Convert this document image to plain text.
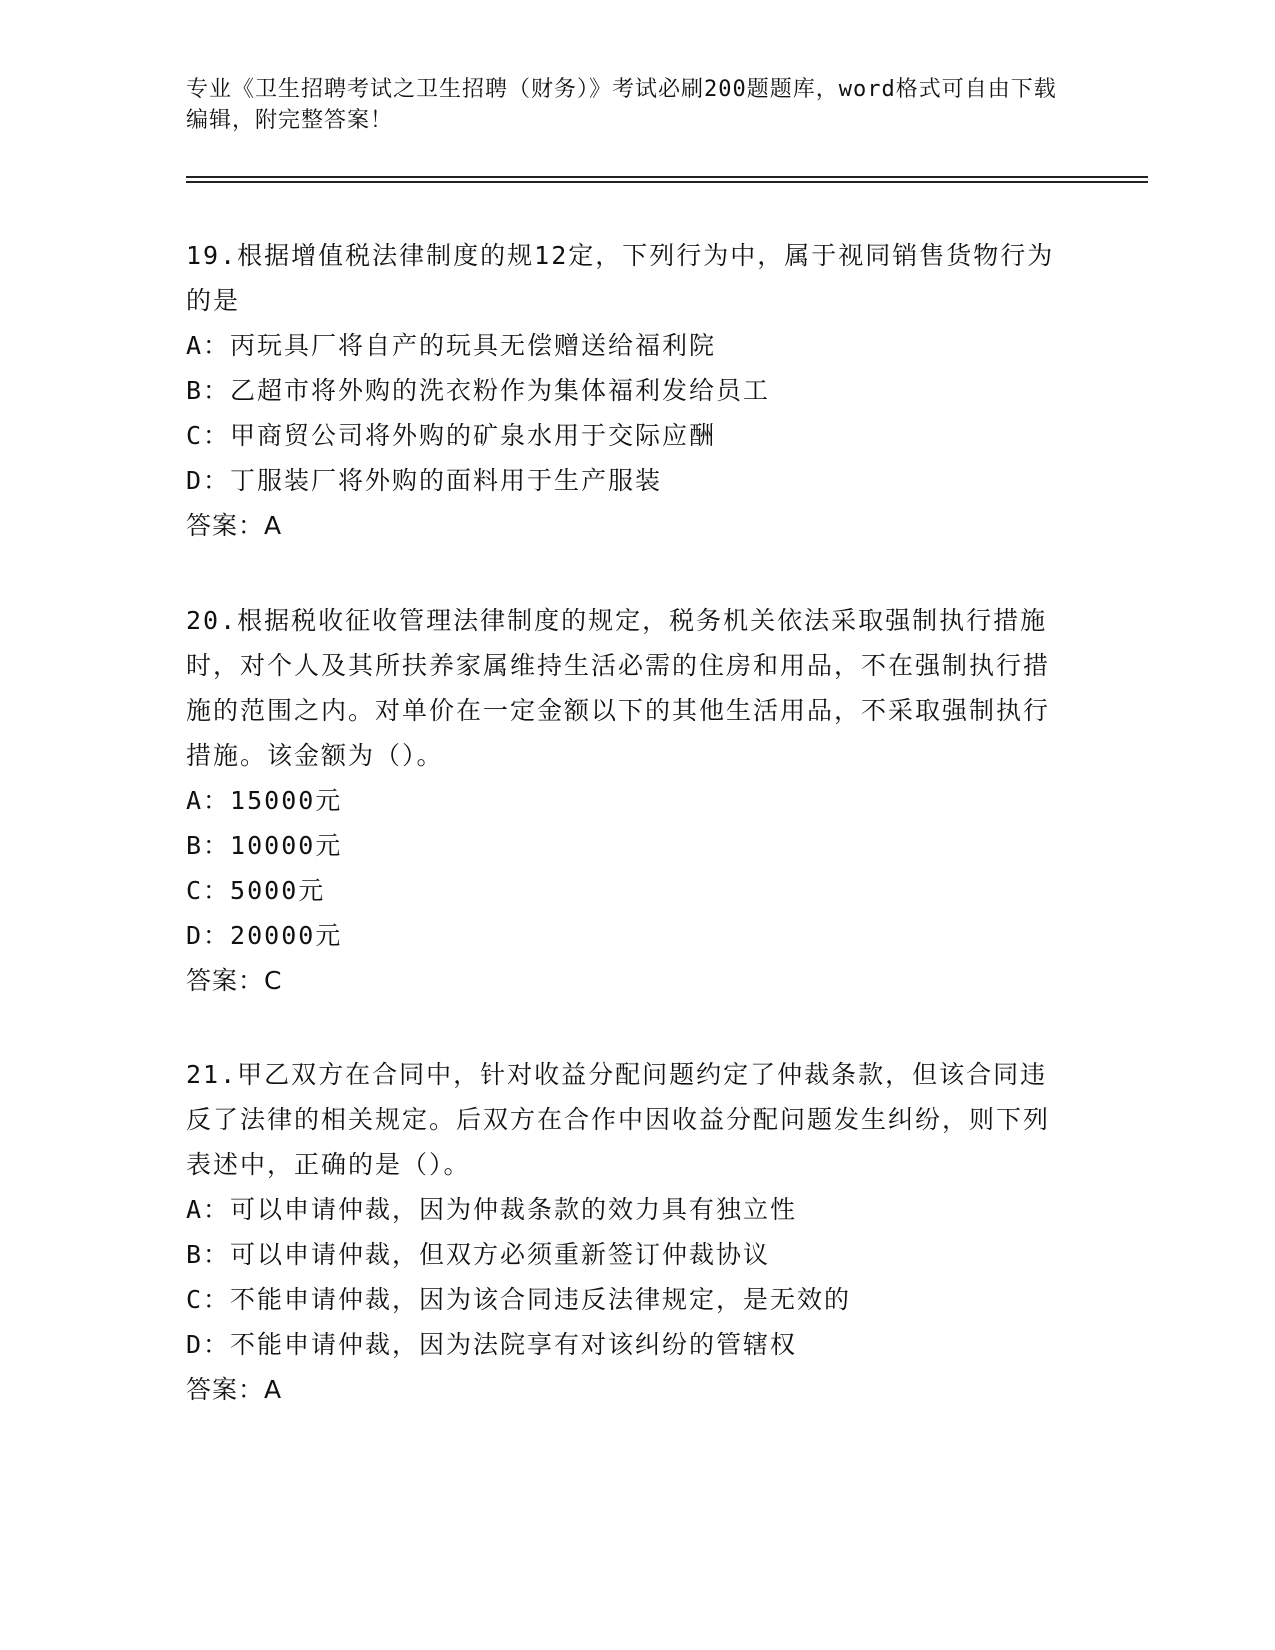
专业《卫生招聘考试之卫生招聘（财务）》考试必刷200题题库，word格式可自由下载编辑，附完整答案！

19.根据增值税法律制度的规12定，下列行为中，属于视同销售货物行为的是

A：丙玩具厂将自产的玩具无偿赠送给福利院

B：乙超市将外购的洗衣粉作为集体福利发给员工

C：甲商贸公司将外购的矿泉水用于交际应酬

D：丁服装厂将外购的面料用于生产服装

答案：A

20.根据税收征收管理法律制度的规定，税务机关依法采取强制执行措施时，对个人及其所扶养家属维持生活必需的住房和用品，不在强制执行措施的范围之内。对单价在一定金额以下的其他生活用品，不采取强制执行措施。该金额为（）。

A：15000元

B：10000元

C：5000元

D：20000元

答案：C

21.甲乙双方在合同中，针对收益分配问题约定了仲裁条款，但该合同违反了法律的相关规定。后双方在合作中因收益分配问题发生纠纷，则下列表述中，正确的是（）。

A：可以申请仲裁，因为仲裁条款的效力具有独立性

B：可以申请仲裁，但双方必须重新签订仲裁协议

C：不能申请仲裁，因为该合同违反法律规定，是无效的

D：不能申请仲裁，因为法院享有对该纠纷的管辖权

答案：A
